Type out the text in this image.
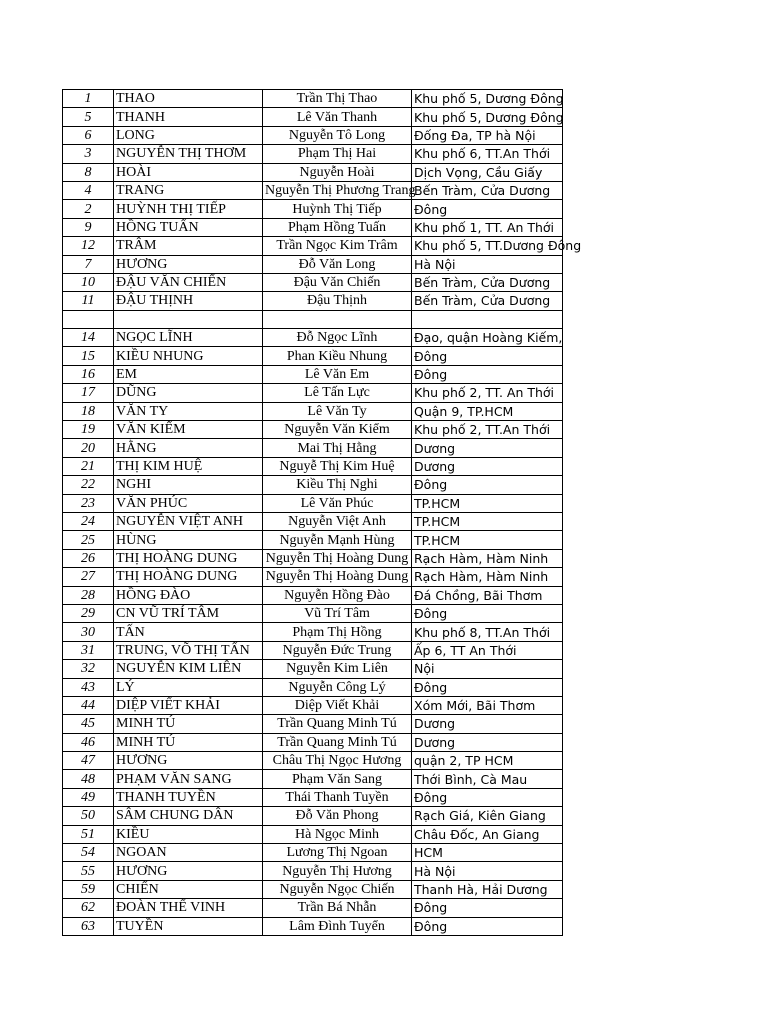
1	THAO	Trần Thị Thao	Khu phố 5, Dương Đông
5	THANH	Lê Văn Thanh	Khu phố 5, Dương Đông
6	LONG	Nguyễn Tô Long	Đống Đa, TP hà Nội
3	NGUYỄN THỊ THƠM	Phạm Thị Hai	Khu phố 6, TT.An Thới
8	HOÀI	Nguyễn Hoài	Dịch Vọng, Cầu Giấy
4	TRANG	Nguyễn Thị Phương Trang	Bến Tràm, Cửa Dương
2	HUỲNH THỊ TIẾP	Huỳnh Thị Tiếp	Đông
9	HỒNG TUẤN	Phạm Hồng Tuấn	Khu phố 1, TT. An Thới
12	TRÂM	Trần Ngọc Kim Trâm	Khu phố 5, TT.Dương Đông
7	HƯƠNG	Đỗ Văn Long	Hà Nội
10	ĐẬU VĂN CHIẾN	Đậu Văn Chiến	Bến Tràm, Cửa Dương
11	ĐẬU THỊNH	Đậu Thịnh	Bến Tràm, Cửa Dương

14	NGỌC LĨNH	Đỗ Ngọc Lĩnh	Đạo, quận Hoàng Kiếm,
15	KIỀU NHUNG	Phan Kiều Nhung	Đông
16	EM	Lê Văn Em	Đông
17	DŨNG	Lê Tấn Lực	Khu phố 2, TT. An Thới
18	VĂN TY	Lê Văn Ty	Quận 9, TP.HCM
19	VĂN KIỂM	Nguyễn Văn Kiểm	Khu phố 2, TT.An Thới
20	HẰNG	Mai Thị Hằng	Dương
21	THỊ KIM HUỆ	Nguyễ Thị Kim Huệ	Dương
22	NGHI	Kiều Thị Nghi	Đông
23	VĂN PHÚC	Lê Văn Phúc	TP.HCM
24	NGUYỄN VIỆT ANH	Nguyễn Việt Anh	TP.HCM
25	HÙNG	Nguyễn Mạnh Hùng	TP.HCM
26	THỊ HOÀNG DUNG	Nguyễn Thị Hoàng Dung	Rạch Hàm, Hàm Ninh
27	THỊ HOÀNG DUNG	Nguyễn Thị Hoàng Dung	Rạch Hàm, Hàm Ninh
28	HỒNG ĐÀO	Nguyễn Hồng Đào	Đá Chồng, Bãi Thơm
29	CN VŨ TRÍ TÂM	Vũ Trí Tâm	Đông
30	TẤN	Phạm Thị Hồng	Khu phố 8, TT.An Thới
31	TRUNG, VÕ THỊ TẤN	Nguyễn Đức Trung	Ấp 6, TT An Thới
32	NGUYỄN KIM LIÊN	Nguyễn Kim Liên	Nội
43	LÝ	Nguyễn Công Lý	Đông
44	DIỆP VIẾT KHẢI	Diệp Viết Khải	Xóm Mới, Bãi Thơm
45	MINH TÚ	Trần Quang Minh Tú	Dương
46	MINH TÚ	Trần Quang Minh Tú	Dương
47	HƯƠNG	Châu Thị Ngọc Hương	quận 2, TP HCM
48	PHẠM VĂN SANG	Phạm Văn Sang	Thới Bình, Cà Mau
49	THANH TUYỀN	Thái Thanh Tuyền	Đông
50	SÂM CHUNG DÂN	Đỗ Văn Phong	Rạch Giá, Kiên Giang
51	KIỀU	Hà Ngọc Minh	Châu Đốc, An Giang
54	NGOAN	Lương Thị Ngoan	HCM
55	HƯƠNG	Nguyễn Thị Hương	Hà Nội
59	CHIẾN	Nguyễn Ngọc Chiến	Thanh Hà, Hải Dương
62	ĐOÀN THẾ VINH	Trần Bá Nhẫn	Đông
63	TUYỀN	Lâm Đình Tuyển	Đông
